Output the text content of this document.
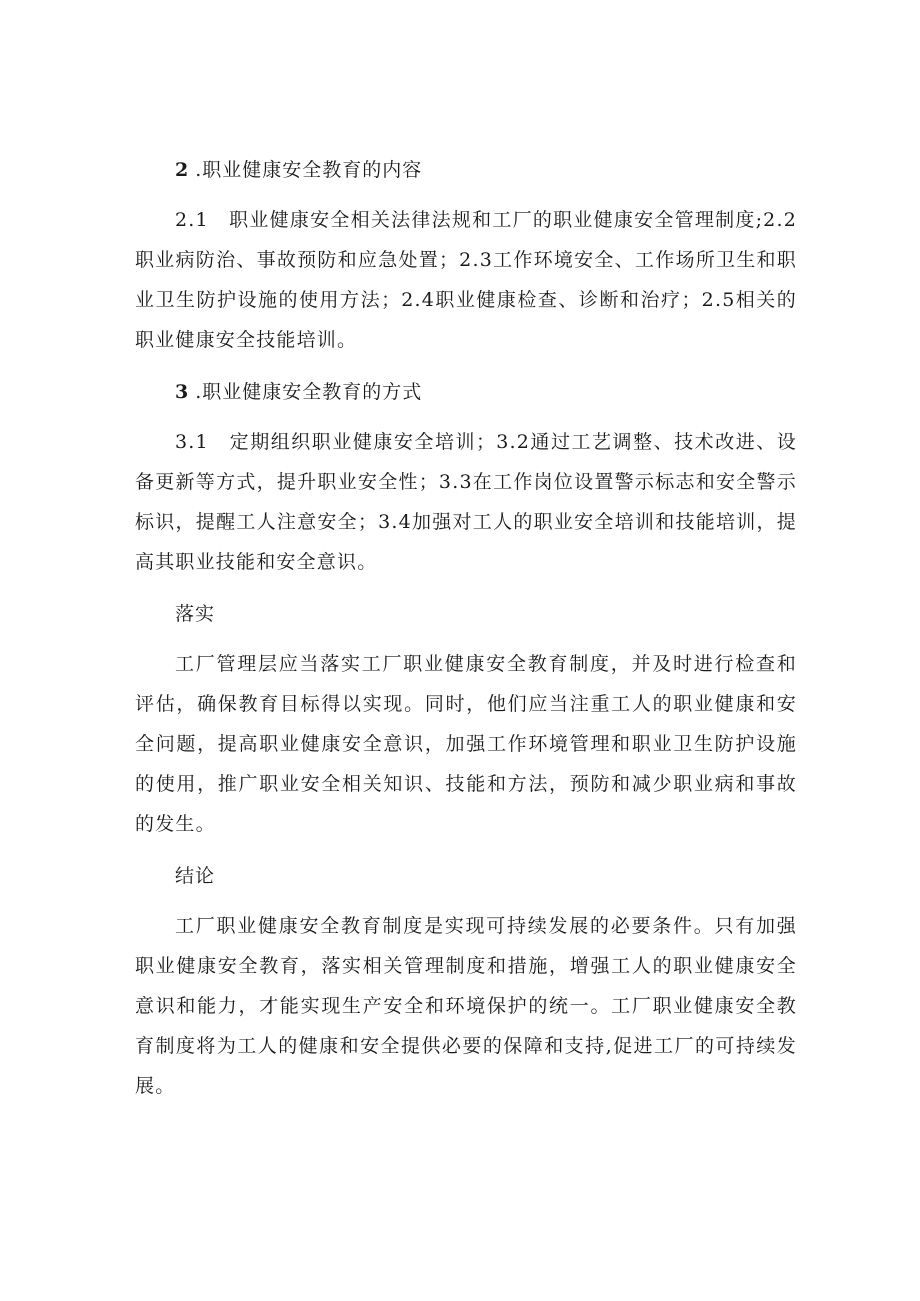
2 .职业健康安全教育的内容

2.1　职业健康安全相关法律法规和工厂的职业健康安全管理制度;2.2职业病防治、事故预防和应急处置；2.3工作环境安全、工作场所卫生和职业卫生防护设施的使用方法；2.4职业健康检查、诊断和治疗；2.5相关的职业健康安全技能培训。

3 .职业健康安全教育的方式

3.1　定期组织职业健康安全培训；3.2通过工艺调整、技术改进、设备更新等方式，提升职业安全性；3.3在工作岗位设置警示标志和安全警示标识，提醒工人注意安全；3.4加强对工人的职业安全培训和技能培训，提高其职业技能和安全意识。

落实

工厂管理层应当落实工厂职业健康安全教育制度，并及时进行检查和评估，确保教育目标得以实现。同时，他们应当注重工人的职业健康和安全问题，提高职业健康安全意识，加强工作环境管理和职业卫生防护设施的使用，推广职业安全相关知识、技能和方法，预防和减少职业病和事故的发生。

结论

工厂职业健康安全教育制度是实现可持续发展的必要条件。只有加强职业健康安全教育，落实相关管理制度和措施，增强工人的职业健康安全意识和能力，才能实现生产安全和环境保护的统一。工厂职业健康安全教育制度将为工人的健康和安全提供必要的保障和支持,促进工厂的可持续发展。
